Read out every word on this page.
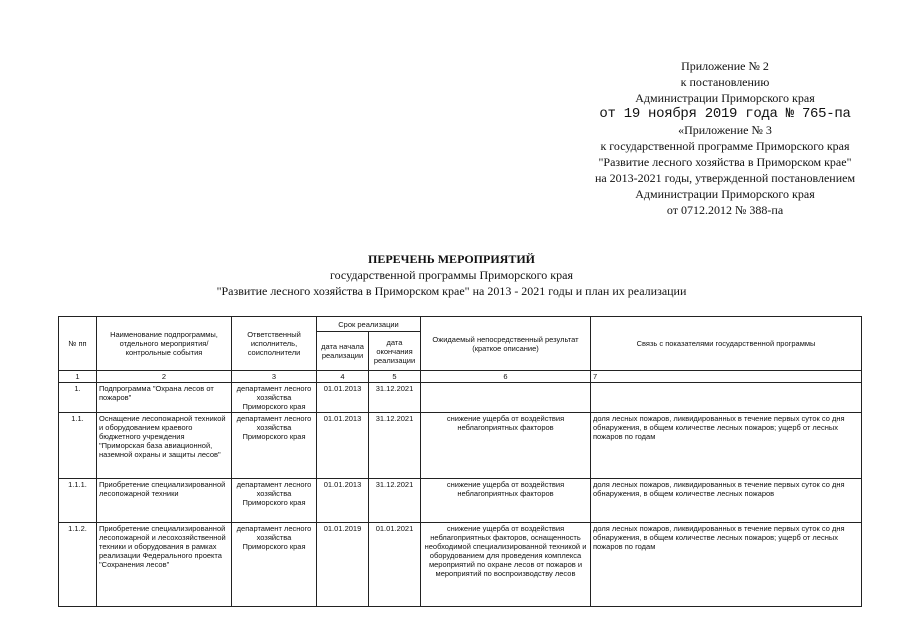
Приложение № 2
к постановлению
Администрации Приморского края
от 19 ноября 2019 года № 765-па
«Приложение № 3
к государственной программе Приморского края
"Развитие лесного хозяйства в Приморском крае"
на 2013-2021 годы, утвержденной постановлением
Администрации Приморского края
от 0712.2012 № 388-па
ПЕРЕЧЕНЬ МЕРОПРИЯТИЙ
государственной программы Приморского края
"Развитие лесного хозяйства в Приморском крае" на 2013 - 2021 годы и план их реализации
№ пп	Наименование подпрограммы, отдельного мероприятия/контрольные события	Ответственный исполнитель, соисполнители	Срок реализации		Ожидаемый непосредственный результат (краткое описание)	Связь с показателями государственной программы
			дата начала реализации	дата окончания реализации		
1	2	3	4	5	6	7
1.	Подпрограмма "Охрана лесов от пожаров"	департамент лесного хозяйства Приморского края	01.01.2013	31.12.2021		
1.1.	Оснащение лесопожарной техникой и оборудованием краевого бюджетного учреждения "Приморская база авиационной, наземной охраны и защиты лесов"	департамент лесного хозяйства Приморского края	01.01.2013	31.12.2021	снижение ущерба от воздействия неблагоприятных факторов	доля лесных пожаров, ликвидированных в течение первых суток со дня обнаружения, в общем количестве лесных пожаров; ущерб от лесных пожаров по годам
1.1.1.	Приобретение специализированной лесопожарной техники	департамент лесного хозяйства Приморского края	01.01.2013	31.12.2021	снижение ущерба от воздействия неблагоприятных факторов	доля лесных пожаров, ликвидированных в течение первых суток со дня обнаружения, в общем количестве лесных пожаров
1.1.2.	Приобретение специализированной лесопожарной и лесохозяйственной техники и оборудования в рамках реализации Федерального проекта "Сохранения лесов"	департамент лесного хозяйства Приморского края	01.01.2019	01.01.2021	снижение ущерба от воздействия неблагоприятных факторов, оснащенность необходимой специализированной техникой и оборудованием для проведения комплекса мероприятий по охране лесов от пожаров и мероприятий по воспроизводству лесов	доля лесных пожаров, ликвидированных в течение первых суток со дня обнаружения, в общем количестве лесных пожаров; ущерб от лесных пожаров по годам
